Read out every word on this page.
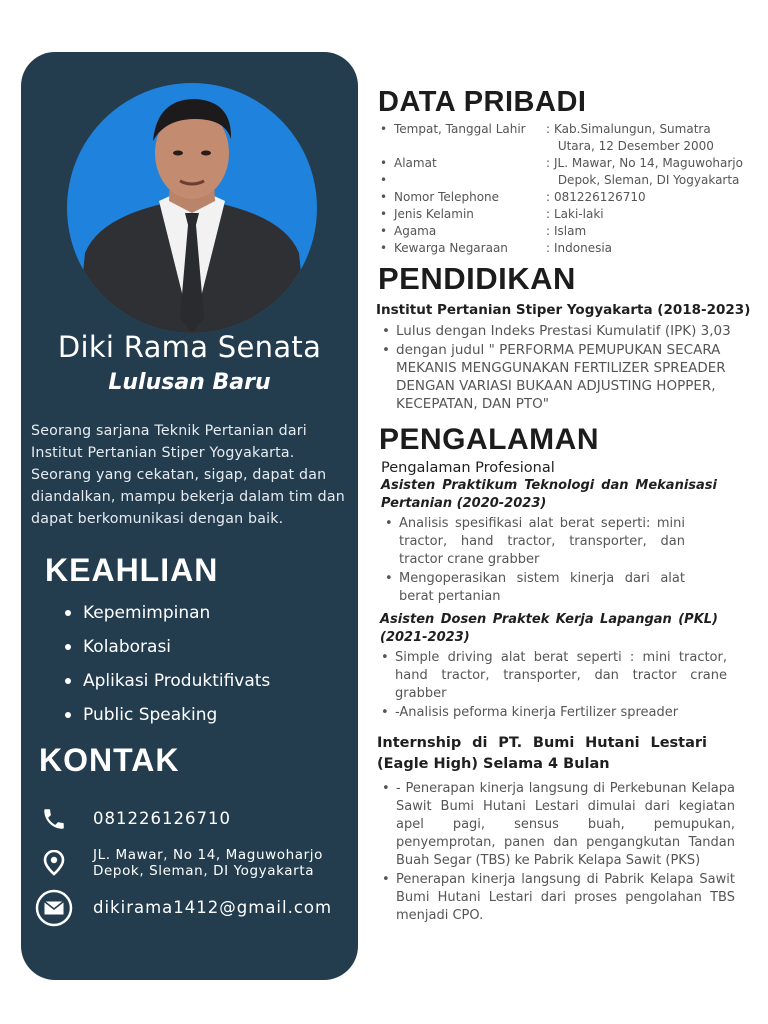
Diki Rama Senata
Lulusan Baru
Seorang sarjana Teknik Pertanian dari Institut Pertanian Stiper Yogyakarta. Seorang yang cekatan, sigap, dapat dan diandalkan, mampu bekerja dalam tim dan dapat berkomunikasi dengan baik.
KEAHLIAN
Kepemimpinan
Kolaborasi
Aplikasi Produktifivats
Public Speaking
KONTAK
081226126710
JL. Mawar, No 14, Maguwoharjo
Depok, Sleman, DI Yogyakarta
dikirama1412@gmail.com
DATA PRIBADI
• Tempat, Tanggal Lahir	: Kab.Simalungun, Sumatra
Utara, 12 Desember 2000
• Alamat	: JL. Mawar, No 14, Maguwoharjo
•	Depok, Sleman, DI Yogyakarta
• Nomor Telephone	: 081226126710
• Jenis Kelamin	: Laki-laki
• Agama	: Islam
• Kewarga Negaraan	: Indonesia
PENDIDIKAN
Institut Pertanian Stiper Yogyakarta (2018-2023)
• Lulus dengan Indeks Prestasi Kumulatif (IPK) 3,03
• dengan judul " PERFORMA PEMUPUKAN SECARA MEKANIS MENGGUNAKAN FERTILIZER SPREADER DENGAN VARIASI BUKAAN ADJUSTING HOPPER, KECEPATAN, DAN PTO"
PENGALAMAN
Pengalaman Profesional
Asisten Praktikum Teknologi dan Mekanisasi Pertanian (2020-2023)
• Analisis spesifikasi alat berat seperti: mini tractor, hand tractor, transporter, dan tractor crane grabber
• Mengoperasikan sistem kinerja dari alat berat pertanian
Asisten Dosen Praktek Kerja Lapangan (PKL) (2021-2023)
• Simple driving alat berat seperti : mini tractor, hand tractor, transporter, dan tractor crane grabber
• -Analisis peforma kinerja Fertilizer spreader
Internship di PT. Bumi Hutani Lestari (Eagle High) Selama 4 Bulan
• - Penerapan kinerja langsung di Perkebunan Kelapa Sawit Bumi Hutani Lestari dimulai dari kegiatan apel pagi, sensus buah, pemupukan, penyemprotan, panen dan pengangkutan Tandan Buah Segar (TBS) ke Pabrik Kelapa Sawit (PKS)
• Penerapan kinerja langsung di Pabrik Kelapa Sawit Bumi Hutani Lestari dari proses pengolahan TBS menjadi CPO.
